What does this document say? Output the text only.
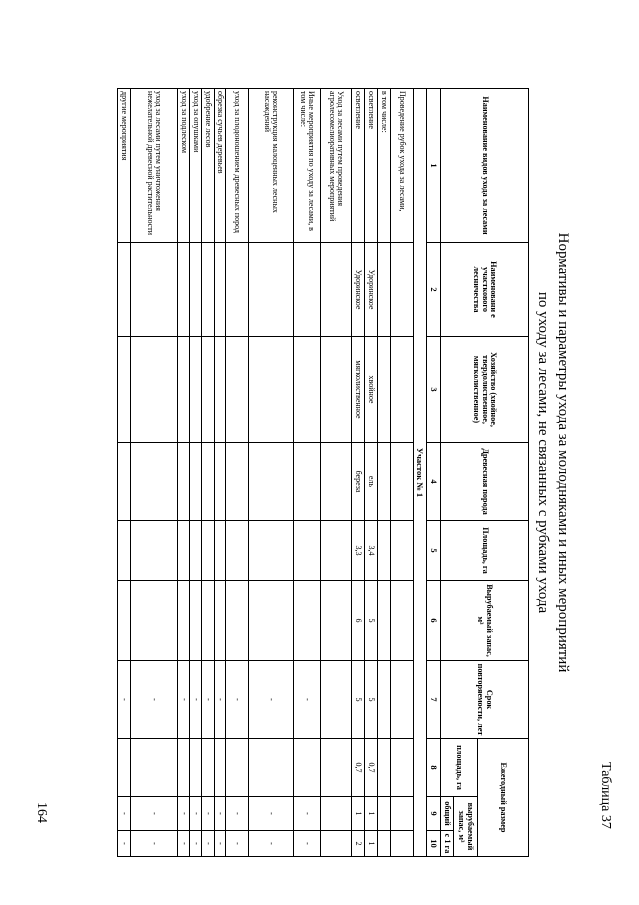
Таблица 37
Нормативы и параметры ухода за молодняками и иных мероприятий
по уходу за лесами, не связанных с рубками ухода
Наименование видов ухода за лесами	Наименовани е участкового лесничества	Хозяйство (хвойное, твердолиственное, мягколиственное)	Древесная порода	Площадь, га	Вырубаемый запас, м³	Срок повторяемости, лет	Ежегодный размер		
							площадь, га	вырубаемый запас, м³	
								общий	с 1 га
1	2	3	4	5	6	7	8	9	10
Участок № 1									
Проведение рубок ухода за лесами,									
в том числе:									
осветление	Удоринское	хвойное	ель	3,4	5	5	0,7	1	1
осветление	Удоринское	мягколиственное	береза	3,3	6	5	0,7	1	2
Уход за лесами путем проведения агролесомелиоративных мероприятий									
Иные мероприятия по уходу за лесами, в том числе:						-		-	-
реконструкция малоценных лесных насаждений						-		-	-
уход за плодоношением древесных пород						-		-	-
обрезка сучьев деревьев						-		-	-
удобрение лесов						-		-	-
уход за опушками						-		-	-
уход за подлеском						-		-	-
уход за лесами путем уничтожения нежелательной древесной растительности						-		-	-
другие мероприятия						-		-	-
164
